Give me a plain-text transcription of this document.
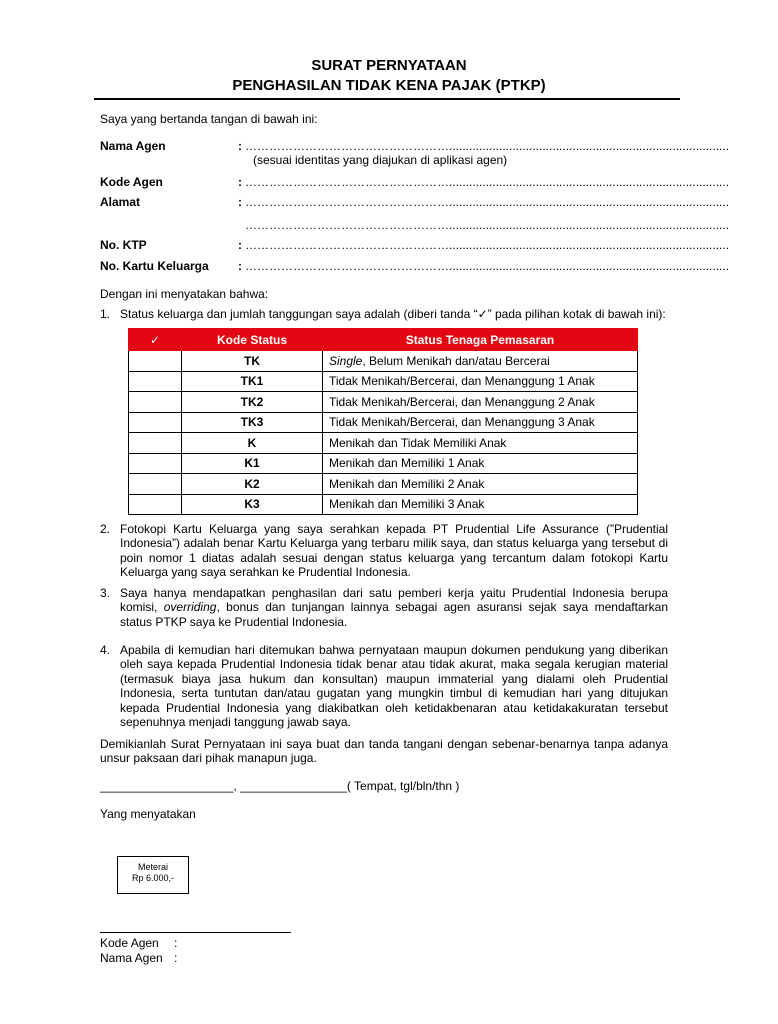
SURAT PERNYATAAN
PENGHASILAN TIDAK KENA PAJAK (PTKP)
Saya yang bertanda tangan di bawah ini:
Nama Agen	: ……………………………………………....................................................................................
(sesuai identitas yang diajukan di aplikasi agen)
Kode Agen	: ……………………………………………....................................................................................
Alamat	: ……………………………………………....................................................................................
……………………………………………....................................................................................
No. KTP	: ……………………………………………....................................................................................
No. Kartu Keluarga : ……………………………………………....................................................................................
Dengan ini menyatakan bahwa:
1. Status keluarga dan jumlah tanggungan saya adalah (diberi tanda “✓” pada pilihan kotak di bawah ini):
✓	Kode Status	Status Tenaga Pemasaran
	TK	Single, Belum Menikah dan/atau Bercerai
	TK1	Tidak Menikah/Bercerai, dan Menanggung 1 Anak
	TK2	Tidak Menikah/Bercerai, dan Menanggung 2 Anak
	TK3	Tidak Menikah/Bercerai, dan Menanggung 3 Anak
	K	Menikah dan Tidak Memiliki Anak
	K1	Menikah dan Memiliki 1 Anak
	K2	Menikah dan Memiliki 2 Anak
	K3	Menikah dan Memiliki 3 Anak
2. Fotokopi Kartu Keluarga yang saya serahkan kepada PT Prudential Life Assurance (”Prudential Indonesia”) adalah benar Kartu Keluarga yang terbaru milik saya, dan status keluarga yang tersebut di poin nomor 1 diatas adalah sesuai dengan status keluarga yang tercantum dalam fotokopi Kartu Keluarga yang saya serahkan ke Prudential Indonesia.
3. Saya hanya mendapatkan penghasilan dari satu pemberi kerja yaitu Prudential Indonesia berupa komisi, overriding, bonus dan tunjangan lainnya sebagai agen asuransi sejak saya mendaftarkan status PTKP saya ke Prudential Indonesia.
4. Apabila di kemudian hari ditemukan bahwa pernyataan maupun dokumen pendukung yang diberikan oleh saya kepada Prudential Indonesia tidak benar atau tidak akurat, maka segala kerugian material (termasuk biaya jasa hukum dan konsultan) maupun immaterial yang dialami oleh Prudential Indonesia, serta tuntutan dan/atau gugatan yang mungkin timbul di kemudian hari yang ditujukan kepada Prudential Indonesia yang diakibatkan oleh ketidakbenaran atau ketidakakuratan tersebut sepenuhnya menjadi tanggung jawab saya.
Demikianlah Surat Pernyataan ini saya buat dan tanda tangani dengan sebenar-benarnya tanpa adanya unsur paksaan dari pihak manapun juga.
____________________, ________________( Tempat, tgl/bln/thn )
Yang menyatakan
Meterai
Rp 6.000,-
Kode Agen :
Nama Agen :
